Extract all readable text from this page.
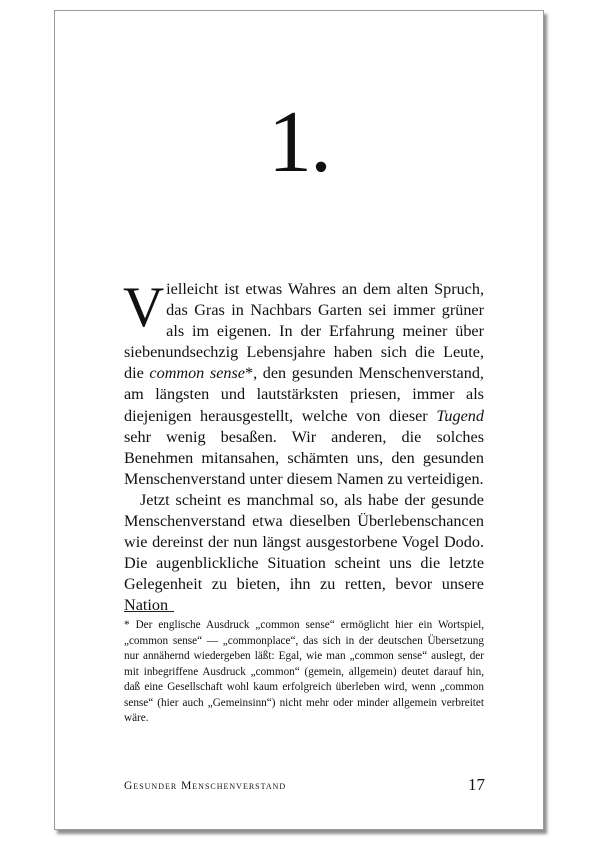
1.

Vielleicht ist etwas Wahres an dem alten Spruch, das Gras in Nachbars Garten sei immer grüner als im eigenen. In der Erfahrung meiner über siebenundsechzig Lebensjahre haben sich die Leute, die common sense*, den gesunden Menschenverstand, am längsten und lautstärksten priesen, immer als diejenigen herausgestellt, welche von dieser Tugend sehr wenig besaßen. Wir anderen, die solches Benehmen mitansahen, schämten uns, den gesunden Menschenverstand unter diesem Namen zu verteidigen.

Jetzt scheint es manchmal so, als habe der gesunde Menschenverstand etwa dieselben Überlebenschancen wie dereinst der nun längst ausgestorbene Vogel Dodo. Die augenblickliche Situation scheint uns die letzte Gelegenheit zu bieten, ihn zu retten, bevor unsere Nation

* Der englische Ausdruck „common sense“ ermöglicht hier ein Wortspiel, „common sense“ — „commonplace“, das sich in der deutschen Übersetzung nur annähernd wiedergeben läßt: Egal, wie man „common sense“ auslegt, der mit inbegriffene Ausdruck „common“ (gemein, allgemein) deutet darauf hin, daß eine Gesellschaft wohl kaum erfolgreich überleben wird, wenn „common sense“ (hier auch „Gemeinsinn“) nicht mehr oder minder allgemein verbreitet wäre.
Gesunder Menschenverstand	17
